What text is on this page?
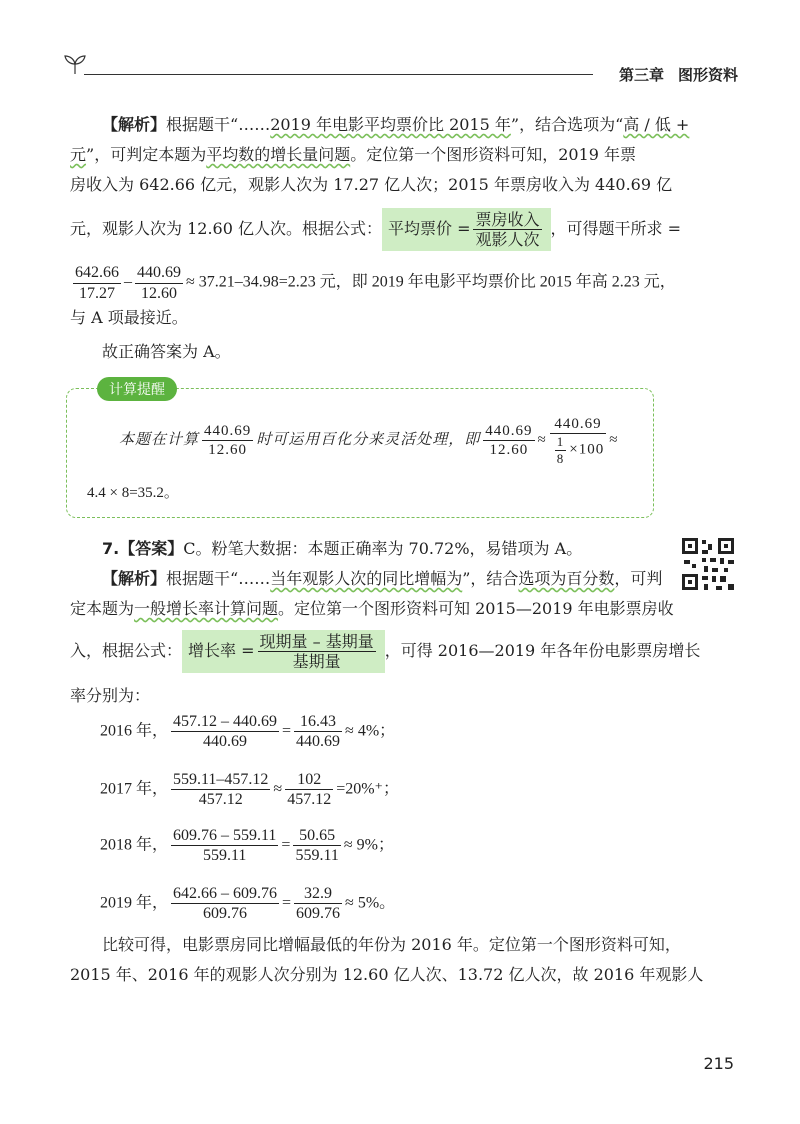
第三章 图形资料
【解析】根据题干“……2019 年电影平均票价比 2015 年”，结合选项为“高 / 低 +
元”，可判定本题为平均数的增长量问题。定位第一个图形资料可知，2019 年票
房收入为 642.66 亿元，观影人次为 17.27 亿人次；2015 年票房收入为 440.69 亿
元，观影人次为 12.60 亿人次。根据公式： 平均票价 = $\frac{\text{票房收入}}{\text{观影人次}}$ ，可得题干所求 =
$\frac{642.66}{17.27} - \frac{440.69}{12.60} \approx 37.21-34.98=2.23$ 元，即 2019 年电影平均票价比 2015 年高 2.23 元，
与 A 项最接近。
故正确答案为 A。
计算提醒
本题在计算 $\frac{440.69}{12.60}$ 时可运用百化分来灵活处理，即 $\frac{440.69}{12.60} \approx \frac{440.69}{\frac{1}{8} \times 100}$ ≈
4.4 × 8=35.2。
7.【答案】C。粉笔大数据：本题正确率为 70.72%，易错项为 A。
【解析】根据题干“……当年观影人次的同比增幅为”，结合选项为百分数，可判
定本题为一般增长率计算问题。定位第一个图形资料可知 2015—2019 年电影票房收
入，根据公式： 增长率 = $\frac{\text{现期量 – 基期量}}{\text{基期量}}$ ，可得 2016—2019 年各年份电影票房增长
率分别为：
2016 年， $\frac{457.12 - 440.69}{440.69} = \frac{16.43}{440.69} \approx 4\%$；
2017 年， $\frac{559.11-457.12}{457.12} \approx \frac{102}{457.12} =20\%^+$；
2018 年， $\frac{609.76 - 559.11}{559.11} = \frac{50.65}{559.11} \approx 9\%$；
2019 年， $\frac{642.66 - 609.76}{609.76} = \frac{32.9}{609.76} \approx 5\%$。
比较可得，电影票房同比增幅最低的年份为 2016 年。定位第一个图形资料可知，
2015 年、2016 年的观影人次分别为 12.60 亿人次、13.72 亿人次，故 2016 年观影人
215
